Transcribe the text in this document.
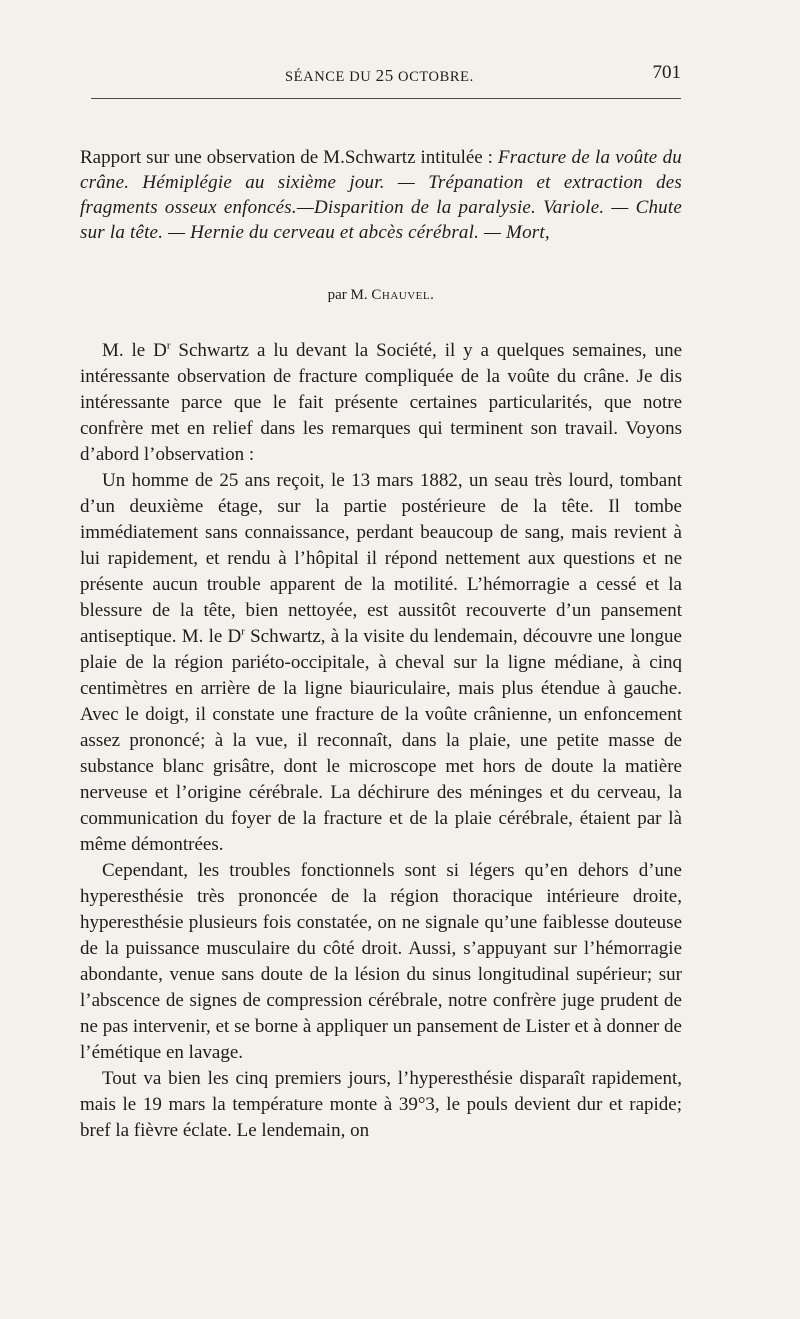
SÉANCE DU 25 OCTOBRE.	701
Rapport sur une observation de M.Schwartz intitulée : Fracture de la voûte du crâne. Hémiplégie au sixième jour. — Trépanation et extraction des fragments osseux enfoncés.—Disparition de la paralysie. Variole. — Chute sur la tête. — Hernie du cerveau et abcès cérébral. — Mort,
par M. Chauvel.

M. le $D^r$ Schwartz a lu devant la Société, il y a quelques semaines, une intéressante observation de fracture compliquée de la voûte du crâne. Je dis intéressante parce que le fait présente certaines particularités, que notre confrère met en relief dans les remarques qui terminent son travail. Voyons d’abord l’observation :

Un homme de 25 ans reçoit, le 13 mars 1882, un seau très lourd, tombant d’un deuxième étage, sur la partie postérieure de la tête. Il tombe immédiatement sans connaissance, perdant beaucoup de sang, mais revient à lui rapidement, et rendu à l’hôpital il répond nettement aux questions et ne présente aucun trouble apparent de la motilité. L’hémorragie a cessé et la blessure de la tête, bien nettoyée, est aussitôt recouverte d’un pansement antiseptique. M. le $D^r$ Schwartz, à la visite du lendemain, découvre une longue plaie de la région pariéto-occipitale, à cheval sur la ligne médiane, à cinq centimètres en arrière de la ligne biauriculaire, mais plus étendue à gauche. Avec le doigt, il constate une fracture de la voûte crânienne, un enfoncement assez prononcé; à la vue, il reconnaît, dans la plaie, une petite masse de substance blanc grisâtre, dont le microscope met hors de doute la matière nerveuse et l’origine cérébrale. La déchirure des méninges et du cerveau, la communication du foyer de la fracture et de la plaie cérébrale, étaient par là même démontrées.

Cependant, les troubles fonctionnels sont si légers qu’en dehors d’une hyperesthésie très prononcée de la région thoracique intérieure droite, hyperesthésie plusieurs fois constatée, on ne signale qu’une faiblesse douteuse de la puissance musculaire du côté droit. Aussi, s’appuyant sur l’hémorragie abondante, venue sans doute de la lésion du sinus longitudinal supérieur; sur l’abscence de signes de compression cérébrale, notre confrère juge prudent de ne pas intervenir, et se borne à appliquer un pansement de Lister et à donner de l’émétique en lavage.

Tout va bien les cinq premiers jours, l’hyperesthésie disparaît rapidement, mais le 19 mars la température monte à 39°3, le pouls devient dur et rapide; bref la fièvre éclate. Le lendemain, on
